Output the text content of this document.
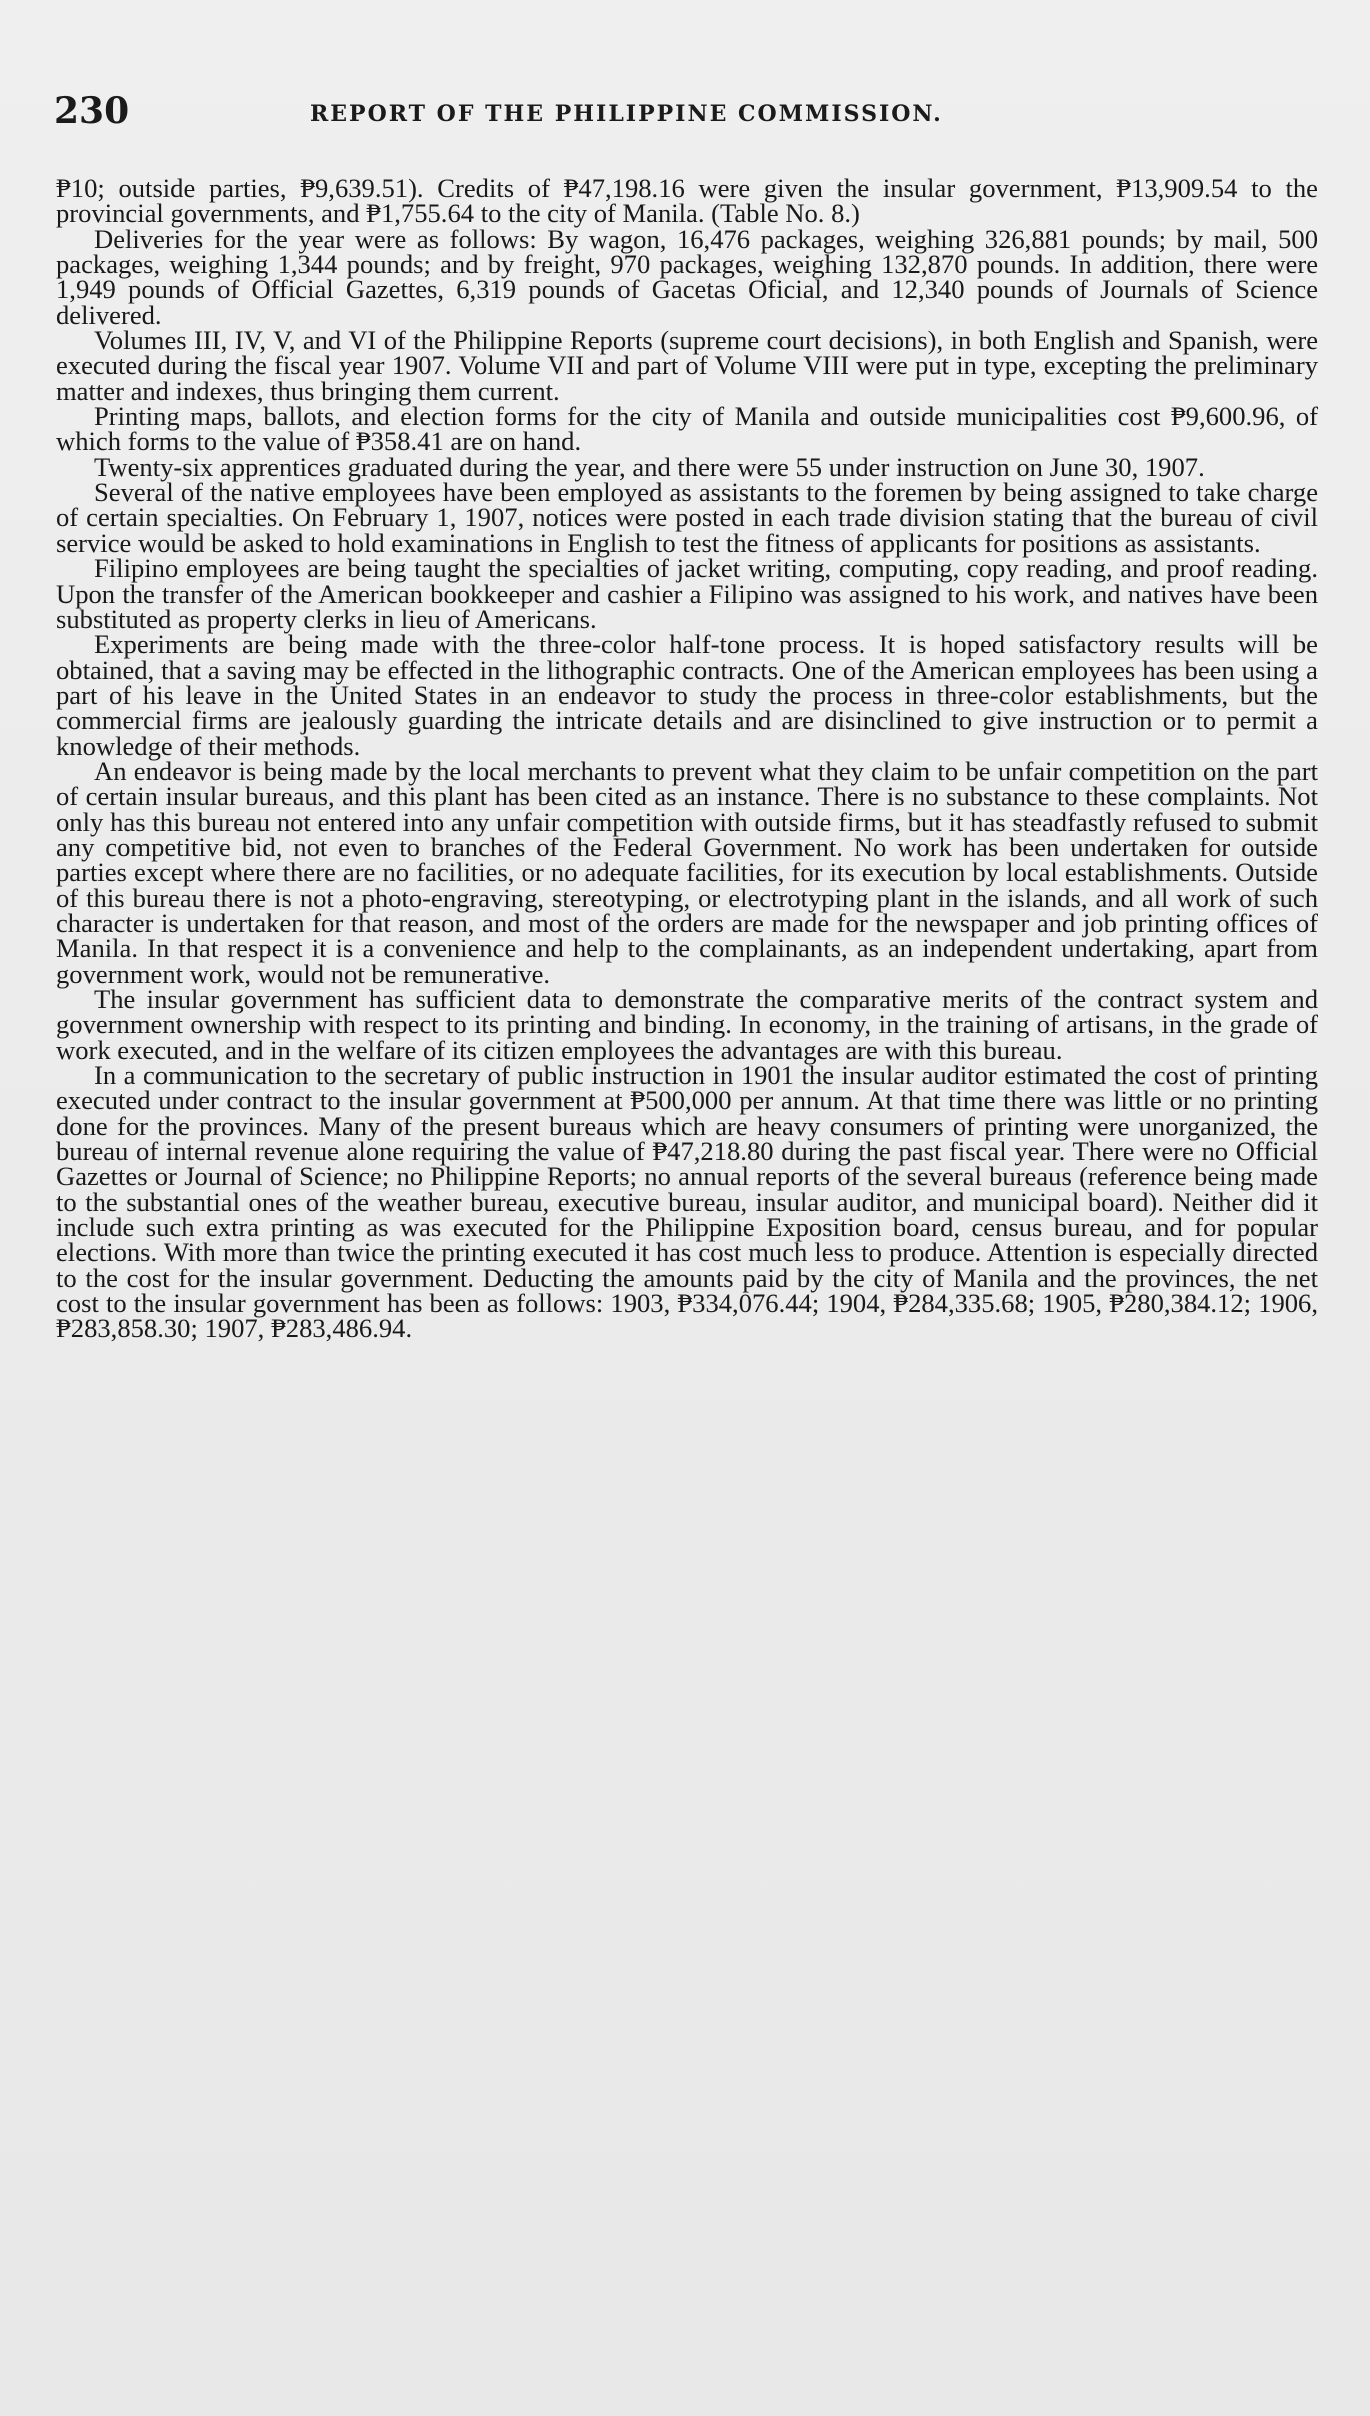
230	REPORT OF THE PHILIPPINE COMMISSION.

₱10; outside parties, ₱9,639.51). Credits of ₱47,198.16 were given the insular government, ₱13,909.54 to the provincial governments, and ₱1,755.64 to the city of Manila. (Table No. 8.)

Deliveries for the year were as follows: By wagon, 16,476 packages, weighing 326,881 pounds; by mail, 500 packages, weighing 1,344 pounds; and by freight, 970 packages, weighing 132,870 pounds. In addition, there were 1,949 pounds of Official Gazettes, 6,319 pounds of Gacetas Oficial, and 12,340 pounds of Journals of Science delivered.

Volumes III, IV, V, and VI of the Philippine Reports (supreme court decisions), in both English and Spanish, were executed during the fiscal year 1907. Volume VII and part of Volume VIII were put in type, excepting the preliminary matter and indexes, thus bringing them current.

Printing maps, ballots, and election forms for the city of Manila and outside municipalities cost ₱9,600.96, of which forms to the value of ₱358.41 are on hand.

Twenty-six apprentices graduated during the year, and there were 55 under instruction on June 30, 1907.

Several of the native employees have been employed as assistants to the foremen by being assigned to take charge of certain specialties. On February 1, 1907, notices were posted in each trade division stating that the bureau of civil service would be asked to hold examinations in English to test the fitness of applicants for positions as assistants.

Filipino employees are being taught the specialties of jacket writing, computing, copy reading, and proof reading. Upon the transfer of the American bookkeeper and cashier a Filipino was assigned to his work, and natives have been substituted as property clerks in lieu of Americans.

Experiments are being made with the three-color half-tone process. It is hoped satisfactory results will be obtained, that a saving may be effected in the lithographic contracts. One of the American employees has been using a part of his leave in the United States in an endeavor to study the process in three-color establishments, but the commercial firms are jealously guarding the intricate details and are disinclined to give instruction or to permit a knowledge of their methods.

An endeavor is being made by the local merchants to prevent what they claim to be unfair competition on the part of certain insular bureaus, and this plant has been cited as an instance. There is no substance to these complaints. Not only has this bureau not entered into any unfair competition with outside firms, but it has steadfastly refused to submit any competitive bid, not even to branches of the Federal Government. No work has been undertaken for outside parties except where there are no facilities, or no adequate facilities, for its execution by local establishments. Outside of this bureau there is not a photo-engraving, stereotyping, or electrotyping plant in the islands, and all work of such character is undertaken for that reason, and most of the orders are made for the newspaper and job printing offices of Manila. In that respect it is a convenience and help to the complainants, as an independent undertaking, apart from government work, would not be remunerative.

The insular government has sufficient data to demonstrate the comparative merits of the contract system and government ownership with respect to its printing and binding. In economy, in the training of artisans, in the grade of work executed, and in the welfare of its citizen employees the advantages are with this bureau.

In a communication to the secretary of public instruction in 1901 the insular auditor estimated the cost of printing executed under contract to the insular government at ₱500,000 per annum. At that time there was little or no printing done for the provinces. Many of the present bureaus which are heavy consumers of printing were unorganized, the bureau of internal revenue alone requiring the value of ₱47,218.80 during the past fiscal year. There were no Official Gazettes or Journal of Science; no Philippine Reports; no annual reports of the several bureaus (reference being made to the substantial ones of the weather bureau, executive bureau, insular auditor, and municipal board). Neither did it include such extra printing as was executed for the Philippine Exposition board, census bureau, and for popular elections. With more than twice the printing executed it has cost much less to produce. Attention is especially directed to the cost for the insular government. Deducting the amounts paid by the city of Manila and the provinces, the net cost to the insular government has been as follows: 1903, ₱334,076.44; 1904, ₱284,335.68; 1905, ₱280,384.12; 1906, ₱283,858.30; 1907, ₱283,486.94.
